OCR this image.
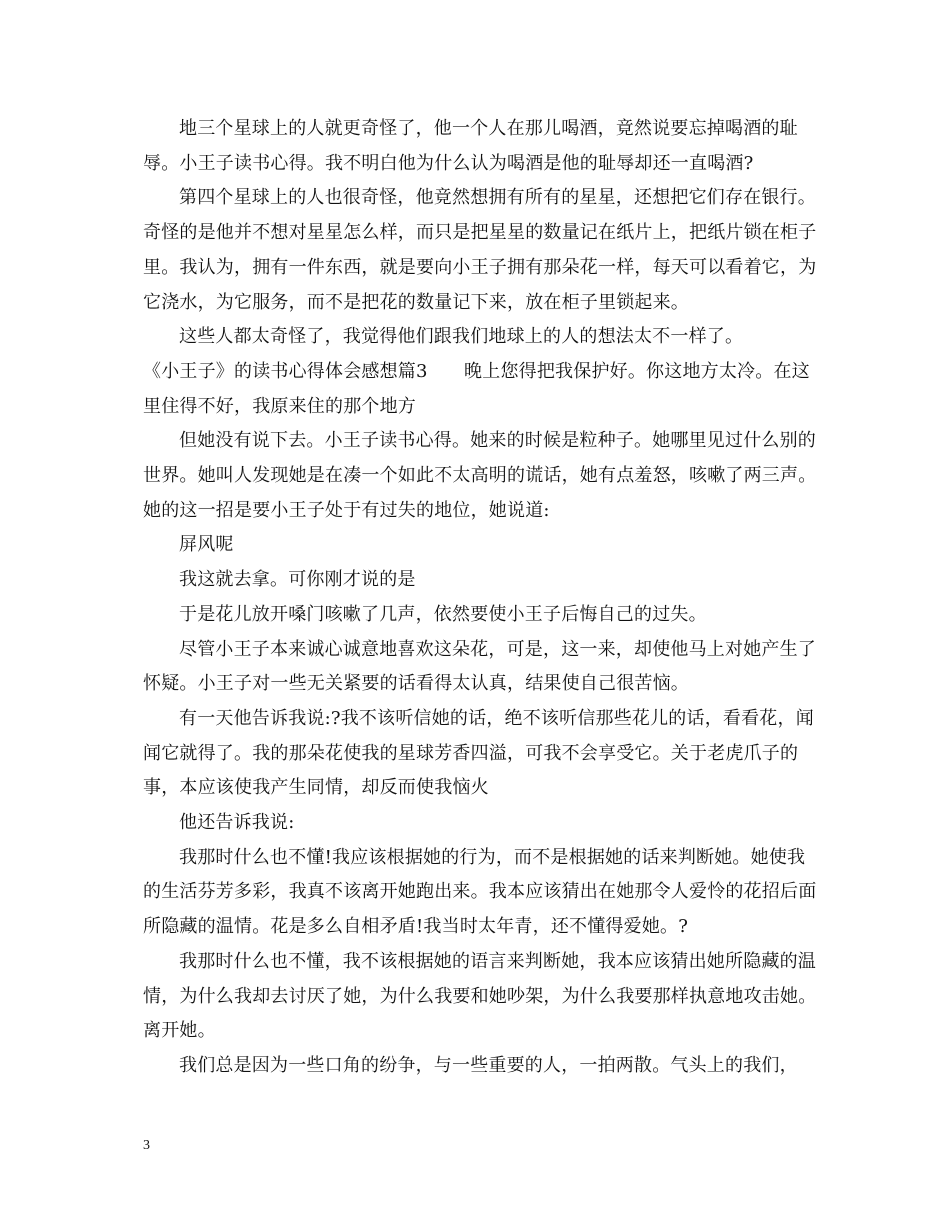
地三个星球上的人就更奇怪了，他一个人在那儿喝酒，竟然说要忘掉喝酒的耻辱。小王子读书心得。我不明白他为什么认为喝酒是他的耻辱却还一直喝酒?

第四个星球上的人也很奇怪，他竟然想拥有所有的星星，还想把它们存在银行。奇怪的是他并不想对星星怎么样，而只是把星星的数量记在纸片上，把纸片锁在柜子里。我认为，拥有一件东西，就是要向小王子拥有那朵花一样，每天可以看着它，为它浇水，为它服务，而不是把花的数量记下来，放在柜子里锁起来。

这些人都太奇怪了，我觉得他们跟我们地球上的人的想法太不一样了。

《小王子》的读书心得体会感想篇3　　晚上您得把我保护好。你这地方太冷。在这里住得不好，我原来住的那个地方

但她没有说下去。小王子读书心得。她来的时候是粒种子。她哪里见过什么别的世界。她叫人发现她是在凑一个如此不太高明的谎话，她有点羞怒，咳嗽了两三声。她的这一招是要小王子处于有过失的地位，她说道:

屏风呢

我这就去拿。可你刚才说的是

于是花儿放开嗓门咳嗽了几声，依然要使小王子后悔自己的过失。

尽管小王子本来诚心诚意地喜欢这朵花，可是，这一来，却使他马上对她产生了怀疑。小王子对一些无关紧要的话看得太认真，结果使自己很苦恼。

有一天他告诉我说:?我不该听信她的话，绝不该听信那些花儿的话，看看花，闻闻它就得了。我的那朵花使我的星球芳香四溢，可我不会享受它。关于老虎爪子的事，本应该使我产生同情，却反而使我恼火

他还告诉我说:

我那时什么也不懂!我应该根据她的行为，而不是根据她的话来判断她。她使我的生活芬芳多彩，我真不该离开她跑出来。我本应该猜出在她那令人爱怜的花招后面所隐藏的温情。花是多么自相矛盾!我当时太年青，还不懂得爱她。?

我那时什么也不懂，我不该根据她的语言来判断她，我本应该猜出她所隐藏的温情，为什么我却去讨厌了她，为什么我要和她吵架，为什么我要那样执意地攻击她。离开她。

我们总是因为一些口角的纷争，与一些重要的人，一拍两散。气头上的我们，

3
